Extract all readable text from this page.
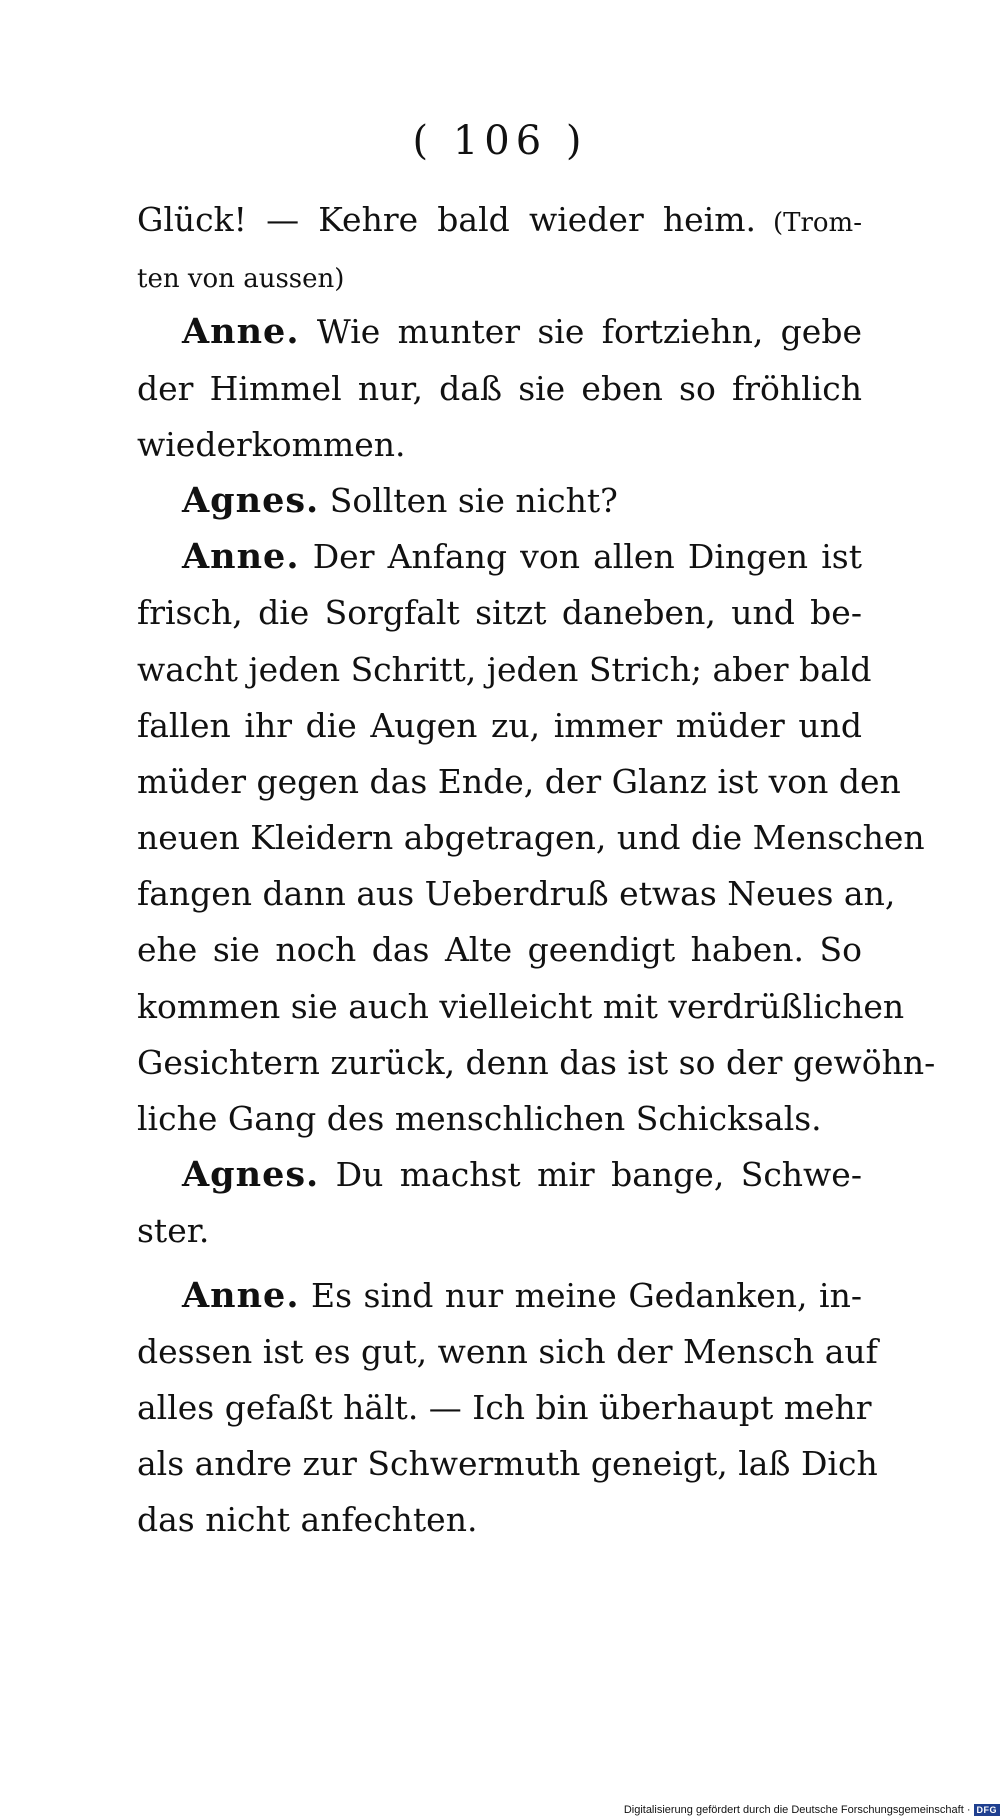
( 106 )
Glück! — Kehre bald wieder heim. (Trom-
ten von aussen)
Anne. Wie munter sie fortziehn, gebe
der Himmel nur, daß sie eben so fröhlich
wiederkommen.
Agnes. Sollten sie nicht?
Anne. Der Anfang von allen Dingen ist
frisch, die Sorgfalt sitzt daneben, und be-
wacht jeden Schritt, jeden Strich; aber bald
fallen ihr die Augen zu, immer müder und
müder gegen das Ende, der Glanz ist von den
neuen Kleidern abgetragen, und die Menschen
fangen dann aus Ueberdruß etwas Neues an,
ehe sie noch das Alte geendigt haben. So
kommen sie auch vielleicht mit verdrüßlichen
Gesichtern zurück, denn das ist so der gewöhn-
liche Gang des menschlichen Schicksals.
Agnes. Du machst mir bange, Schwe-
ster.
Anne. Es sind nur meine Gedanken, in-
dessen ist es gut, wenn sich der Mensch auf
alles gefaßt hält. — Ich bin überhaupt mehr
als andre zur Schwermuth geneigt, laß Dich
das nicht anfechten.
Digitalisierung gefördert durch die Deutsche Forschungsgemeinschaft · DFG
